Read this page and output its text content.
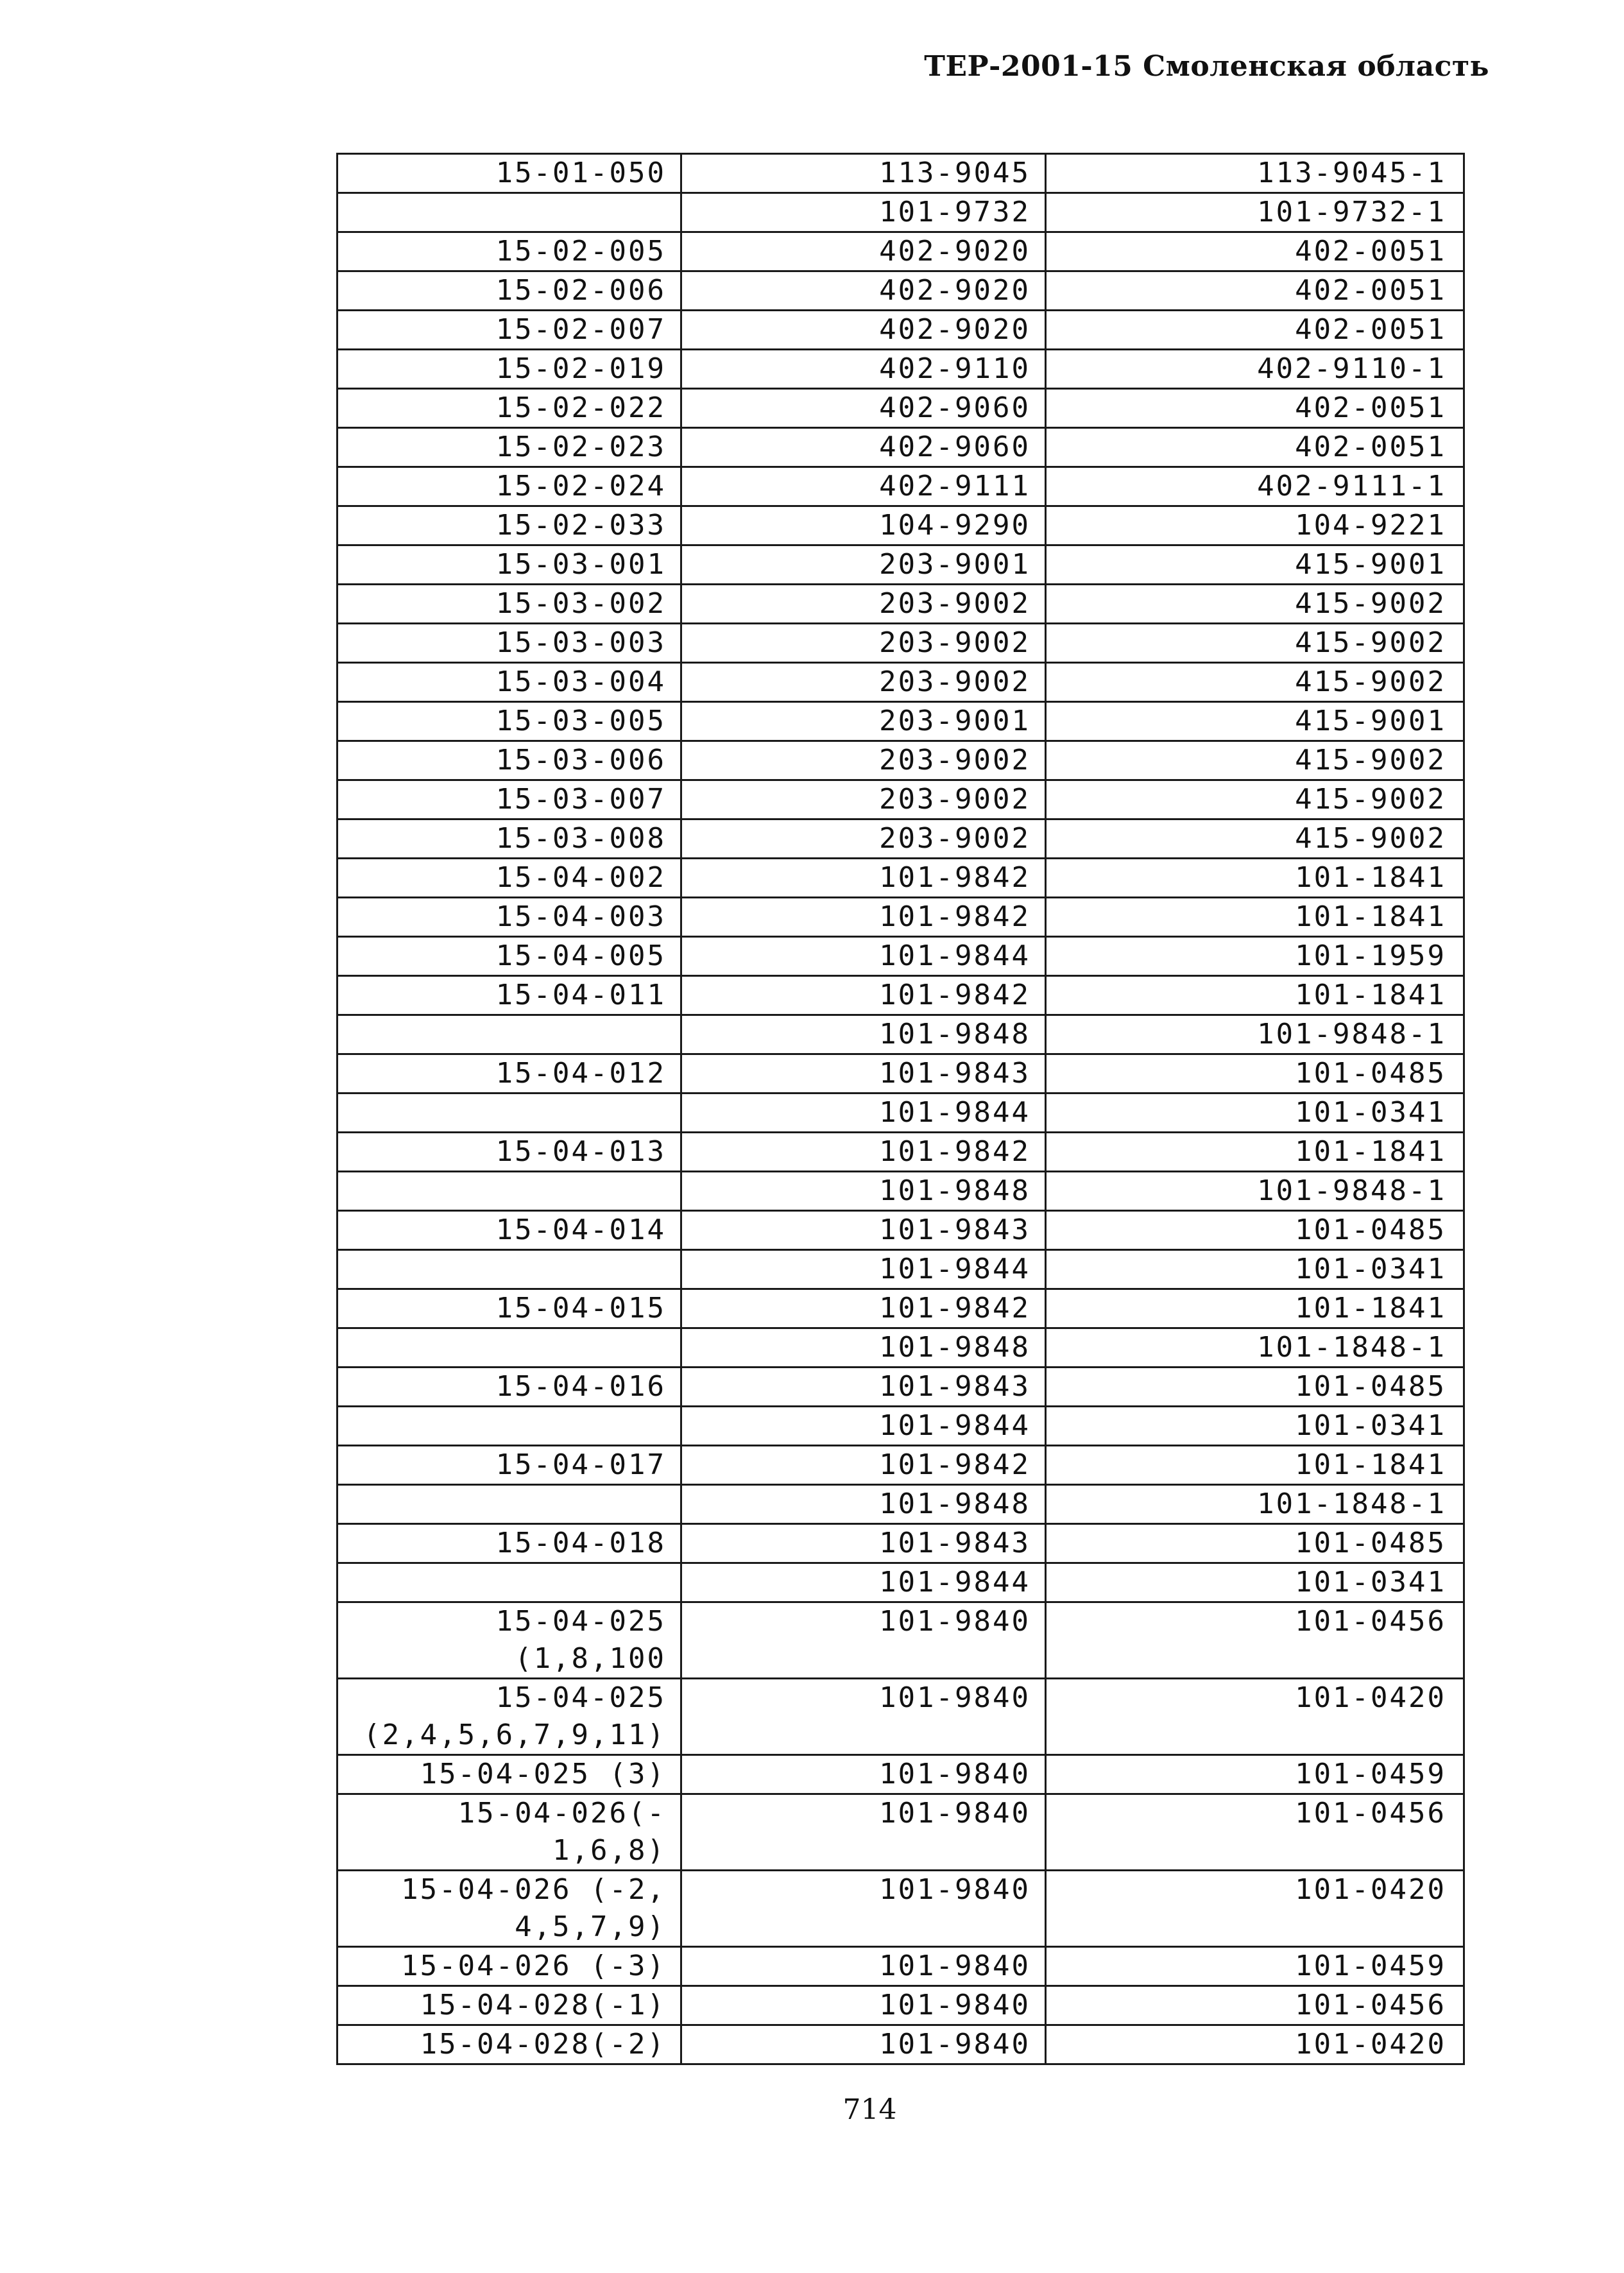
ТЕР-2001-15 Смоленская область
15-01-050	113-9045	113-9045-1
	101-9732	101-9732-1
15-02-005	402-9020	402-0051
15-02-006	402-9020	402-0051
15-02-007	402-9020	402-0051
15-02-019	402-9110	402-9110-1
15-02-022	402-9060	402-0051
15-02-023	402-9060	402-0051
15-02-024	402-9111	402-9111-1
15-02-033	104-9290	104-9221
15-03-001	203-9001	415-9001
15-03-002	203-9002	415-9002
15-03-003	203-9002	415-9002
15-03-004	203-9002	415-9002
15-03-005	203-9001	415-9001
15-03-006	203-9002	415-9002
15-03-007	203-9002	415-9002
15-03-008	203-9002	415-9002
15-04-002	101-9842	101-1841
15-04-003	101-9842	101-1841
15-04-005	101-9844	101-1959
15-04-011	101-9842	101-1841
	101-9848	101-9848-1
15-04-012	101-9843	101-0485
	101-9844	101-0341
15-04-013	101-9842	101-1841
	101-9848	101-9848-1
15-04-014	101-9843	101-0485
	101-9844	101-0341
15-04-015	101-9842	101-1841
	101-9848	101-1848-1
15-04-016	101-9843	101-0485
	101-9844	101-0341
15-04-017	101-9842	101-1841
	101-9848	101-1848-1
15-04-018	101-9843	101-0485
	101-9844	101-0341
15-04-025
(1,8,100	101-9840	101-0456
15-04-025
(2,4,5,6,7,9,11)	101-9840	101-0420
15-04-025 (3)	101-9840	101-0459
15-04-026(-
1,6,8)	101-9840	101-0456
15-04-026 (-2,
4,5,7,9)	101-9840	101-0420
15-04-026 (-3)	101-9840	101-0459
15-04-028(-1)	101-9840	101-0456
15-04-028(-2)	101-9840	101-0420
714
